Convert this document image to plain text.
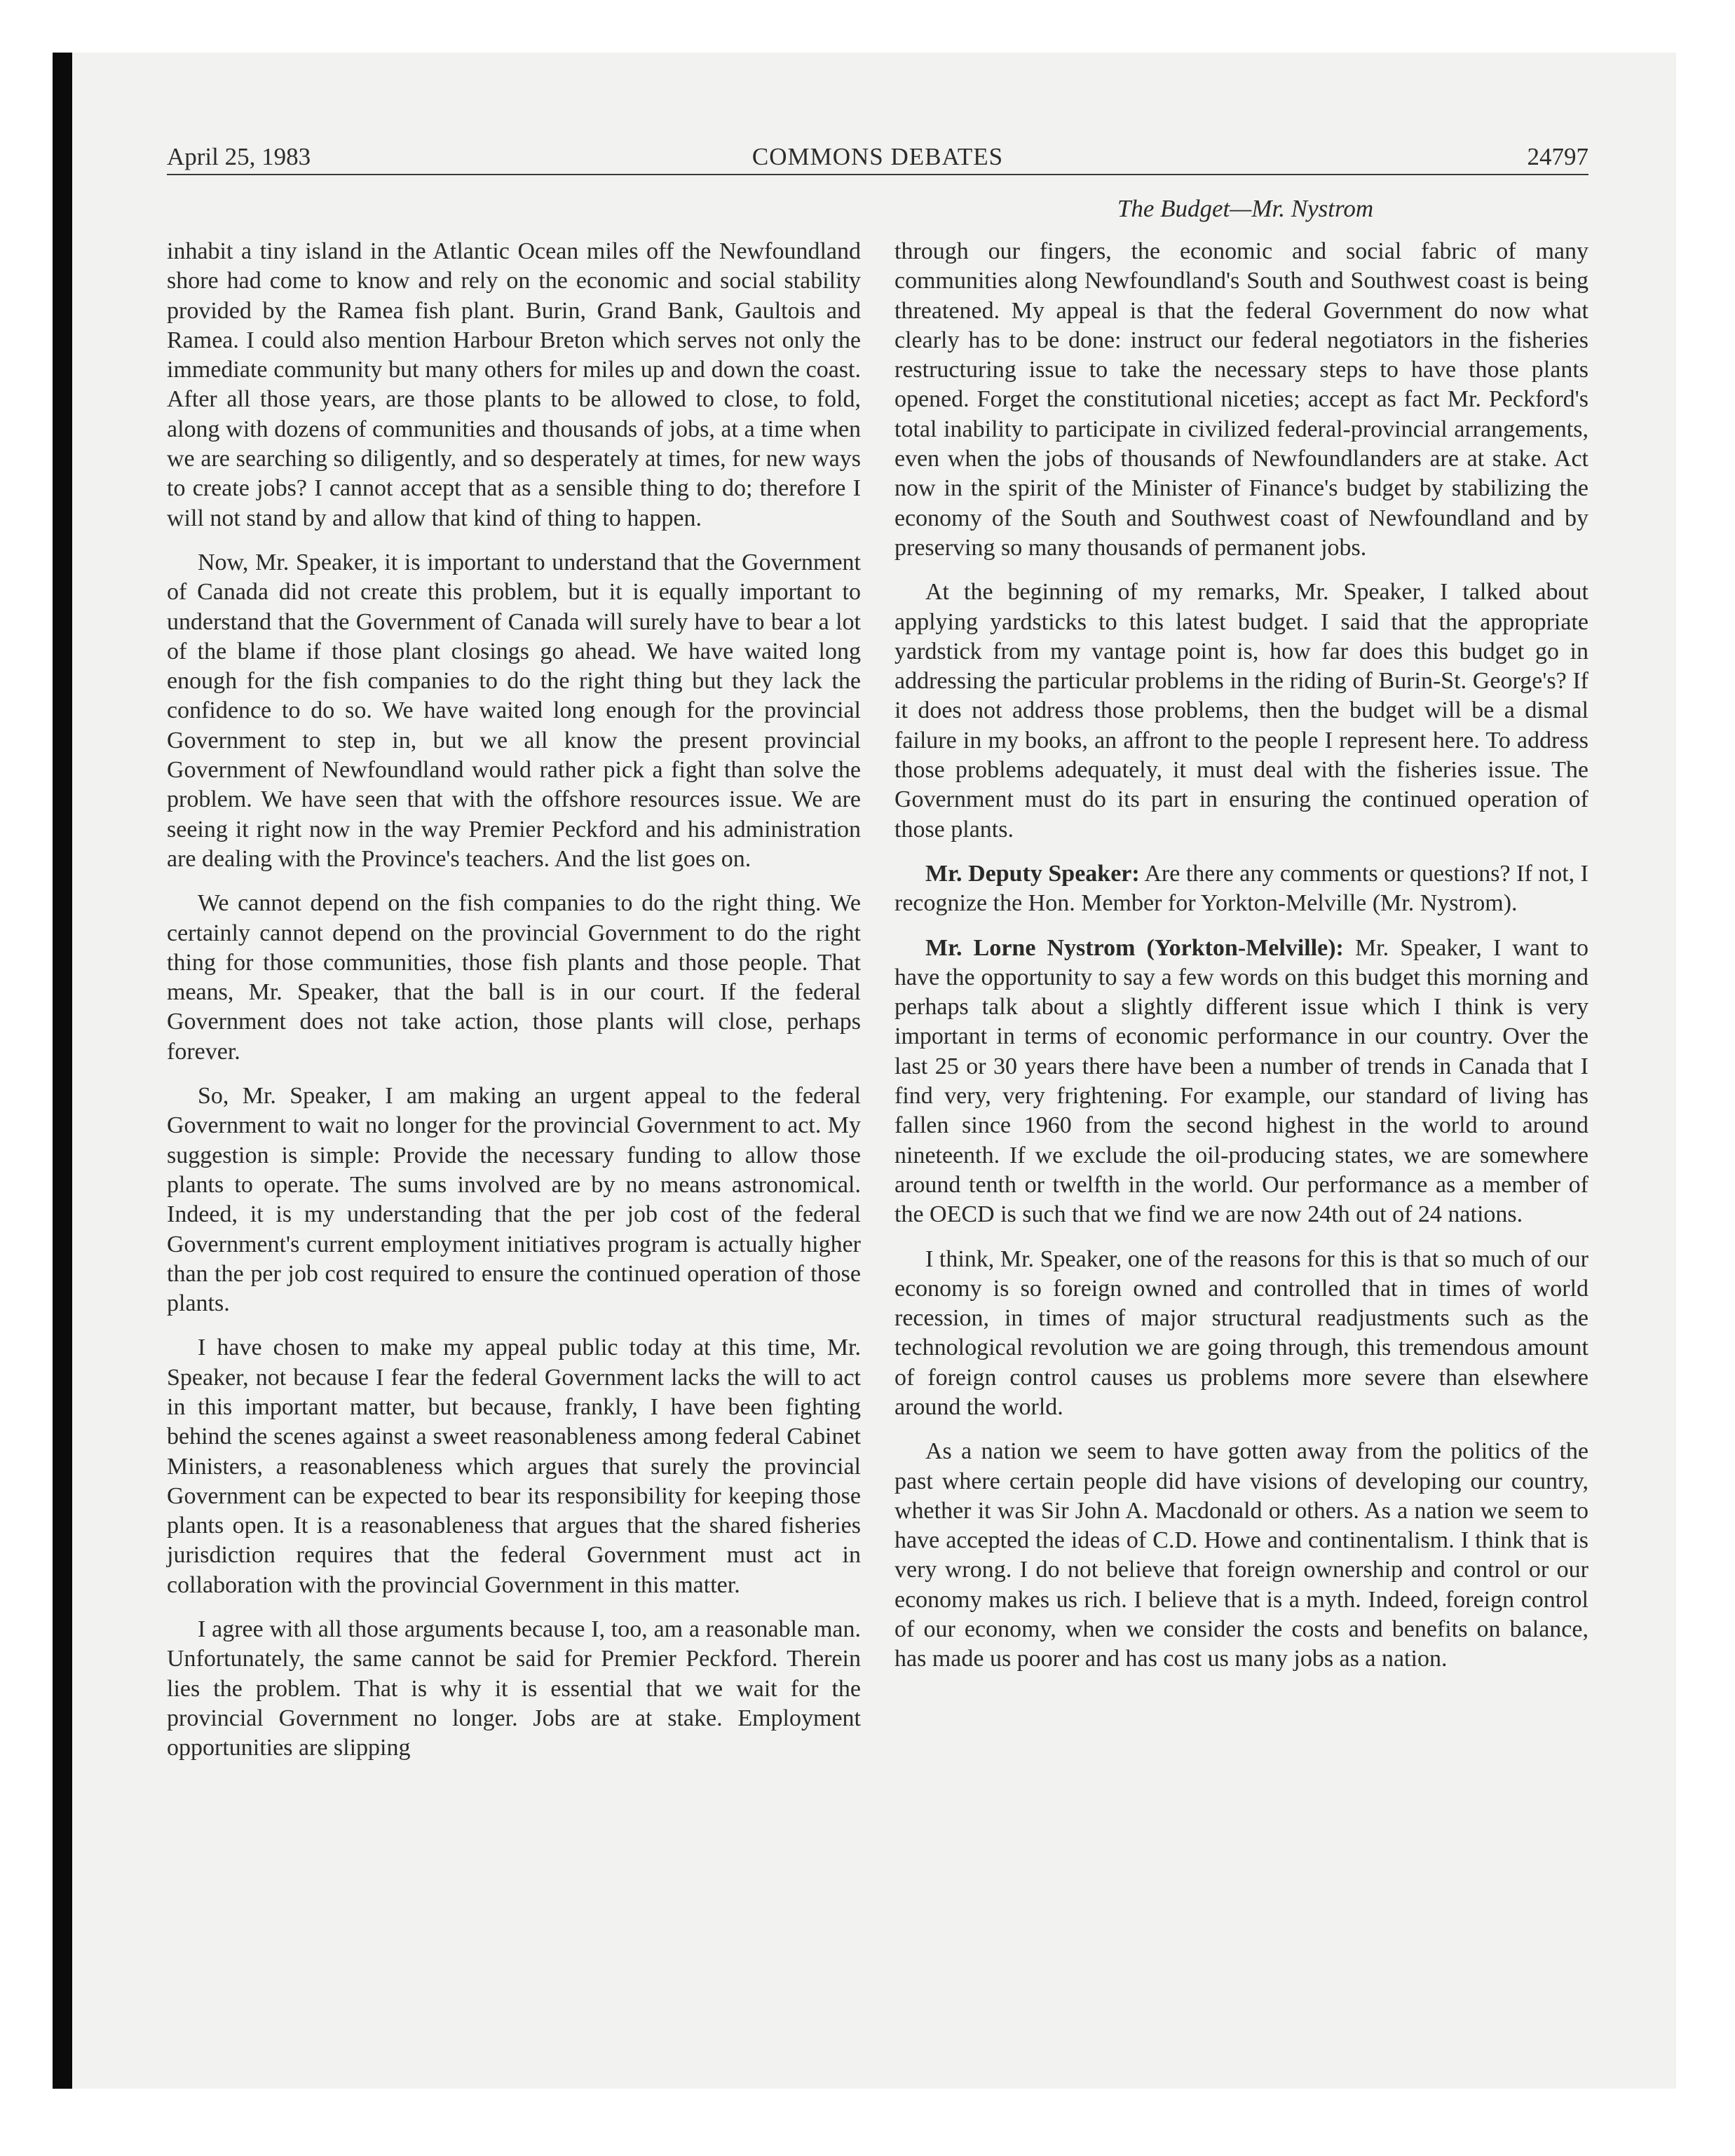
April 25, 1983	COMMONS DEBATES	24797
The Budget—Mr. Nystrom

inhabit a tiny island in the Atlantic Ocean miles off the Newfoundland shore had come to know and rely on the economic and social stability provided by the Ramea fish plant. Burin, Grand Bank, Gaultois and Ramea. I could also mention Harbour Breton which serves not only the immediate community but many others for miles up and down the coast. After all those years, are those plants to be allowed to close, to fold, along with dozens of communities and thousands of jobs, at a time when we are searching so diligently, and so desperately at times, for new ways to create jobs? I cannot accept that as a sensible thing to do; therefore I will not stand by and allow that kind of thing to happen.

Now, Mr. Speaker, it is important to understand that the Government of Canada did not create this problem, but it is equally important to understand that the Government of Canada will surely have to bear a lot of the blame if those plant closings go ahead. We have waited long enough for the fish companies to do the right thing but they lack the confidence to do so. We have waited long enough for the provincial Government to step in, but we all know the present provincial Government of Newfoundland would rather pick a fight than solve the problem. We have seen that with the offshore resources issue. We are seeing it right now in the way Premier Peckford and his administration are dealing with the Province's teachers. And the list goes on.

We cannot depend on the fish companies to do the right thing. We certainly cannot depend on the provincial Government to do the right thing for those communities, those fish plants and those people. That means, Mr. Speaker, that the ball is in our court. If the federal Government does not take action, those plants will close, perhaps forever.

So, Mr. Speaker, I am making an urgent appeal to the federal Government to wait no longer for the provincial Government to act. My suggestion is simple: Provide the necessary funding to allow those plants to operate. The sums involved are by no means astronomical. Indeed, it is my understanding that the per job cost of the federal Government's current employment initiatives program is actually higher than the per job cost required to ensure the continued operation of those plants.

I have chosen to make my appeal public today at this time, Mr. Speaker, not because I fear the federal Government lacks the will to act in this important matter, but because, frankly, I have been fighting behind the scenes against a sweet reasonableness among federal Cabinet Ministers, a reasonableness which argues that surely the provincial Government can be expected to bear its responsibility for keeping those plants open. It is a reasonableness that argues that the shared fisheries jurisdiction requires that the federal Government must act in collaboration with the provincial Government in this matter.

I agree with all those arguments because I, too, am a reasonable man. Unfortunately, the same cannot be said for Premier Peckford. Therein lies the problem. That is why it is essential that we wait for the provincial Government no longer. Jobs are at stake. Employment opportunities are slipping

through our fingers, the economic and social fabric of many communities along Newfoundland's South and Southwest coast is being threatened. My appeal is that the federal Government do now what clearly has to be done: instruct our federal negotiators in the fisheries restructuring issue to take the necessary steps to have those plants opened. Forget the constitutional niceties; accept as fact Mr. Peckford's total inability to participate in civilized federal-provincial arrangements, even when the jobs of thousands of Newfoundlanders are at stake. Act now in the spirit of the Minister of Finance's budget by stabilizing the economy of the South and Southwest coast of Newfoundland and by preserving so many thousands of permanent jobs.

At the beginning of my remarks, Mr. Speaker, I talked about applying yardsticks to this latest budget. I said that the appropriate yardstick from my vantage point is, how far does this budget go in addressing the particular problems in the riding of Burin-St. George's? If it does not address those problems, then the budget will be a dismal failure in my books, an affront to the people I represent here. To address those problems adequately, it must deal with the fisheries issue. The Government must do its part in ensuring the continued operation of those plants.

Mr. Deputy Speaker: Are there any comments or questions? If not, I recognize the Hon. Member for Yorkton-Melville (Mr. Nystrom).

Mr. Lorne Nystrom (Yorkton-Melville): Mr. Speaker, I want to have the opportunity to say a few words on this budget this morning and perhaps talk about a slightly different issue which I think is very important in terms of economic performance in our country. Over the last 25 or 30 years there have been a number of trends in Canada that I find very, very frightening. For example, our standard of living has fallen since 1960 from the second highest in the world to around nineteenth. If we exclude the oil-producing states, we are somewhere around tenth or twelfth in the world. Our performance as a member of the OECD is such that we find we are now 24th out of 24 nations.

I think, Mr. Speaker, one of the reasons for this is that so much of our economy is so foreign owned and controlled that in times of world recession, in times of major structural readjustments such as the technological revolution we are going through, this tremendous amount of foreign control causes us problems more severe than elsewhere around the world.

As a nation we seem to have gotten away from the politics of the past where certain people did have visions of developing our country, whether it was Sir John A. Macdonald or others. As a nation we seem to have accepted the ideas of C.D. Howe and continentalism. I think that is very wrong. I do not believe that foreign ownership and control or our economy makes us rich. I believe that is a myth. Indeed, foreign control of our economy, when we consider the costs and benefits on balance, has made us poorer and has cost us many jobs as a nation.
